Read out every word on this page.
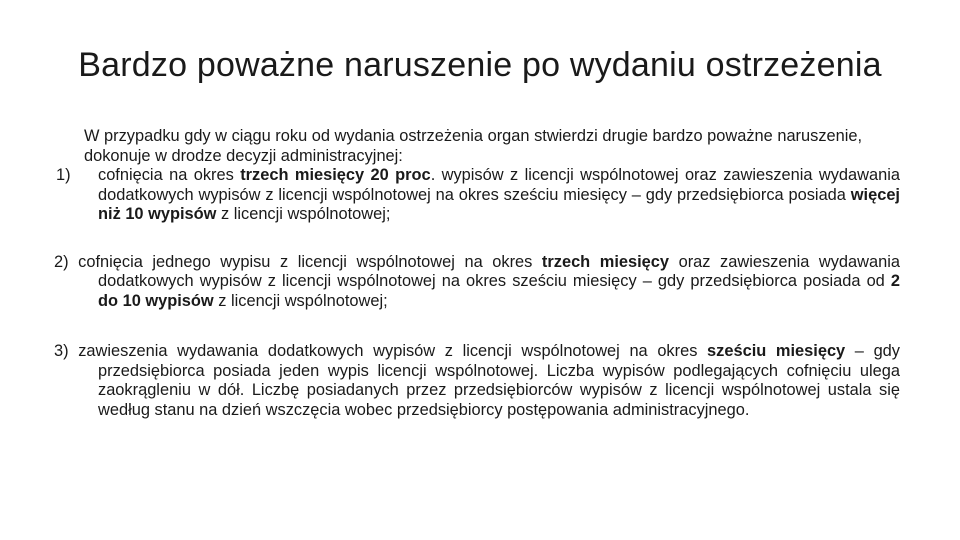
Bardzo poważne naruszenie po wydaniu ostrzeżenia

W przypadku gdy w ciągu roku od wydania ostrzeżenia organ stwierdzi drugie bardzo poważne naruszenie, dokonuje w drodze decyzji administracyjnej:

1) cofnięcia na okres trzech miesięcy 20 proc. wypisów z licencji wspólnotowej oraz zawieszenia wydawania dodatkowych wypisów z licencji wspólnotowej na okres sześciu miesięcy – gdy przedsiębiorca posiada więcej niż 10 wypisów z licencji wspólnotowej;

2) cofnięcia jednego wypisu z licencji wspólnotowej na okres trzech miesięcy oraz zawieszenia wydawania dodatkowych wypisów z licencji wspólnotowej na okres sześciu miesięcy – gdy przedsiębiorca posiada od 2 do 10 wypisów z licencji wspólnotowej;

3) zawieszenia wydawania dodatkowych wypisów z licencji wspólnotowej na okres sześciu miesięcy – gdy przedsiębiorca posiada jeden wypis licencji wspólnotowej. Liczba wypisów podlegających cofnięciu ulega zaokrągleniu w dół. Liczbę posiadanych przez przedsiębiorców wypisów z licencji wspólnotowej ustala się według stanu na dzień wszczęcia wobec przedsiębiorcy postępowania administracyjnego.
